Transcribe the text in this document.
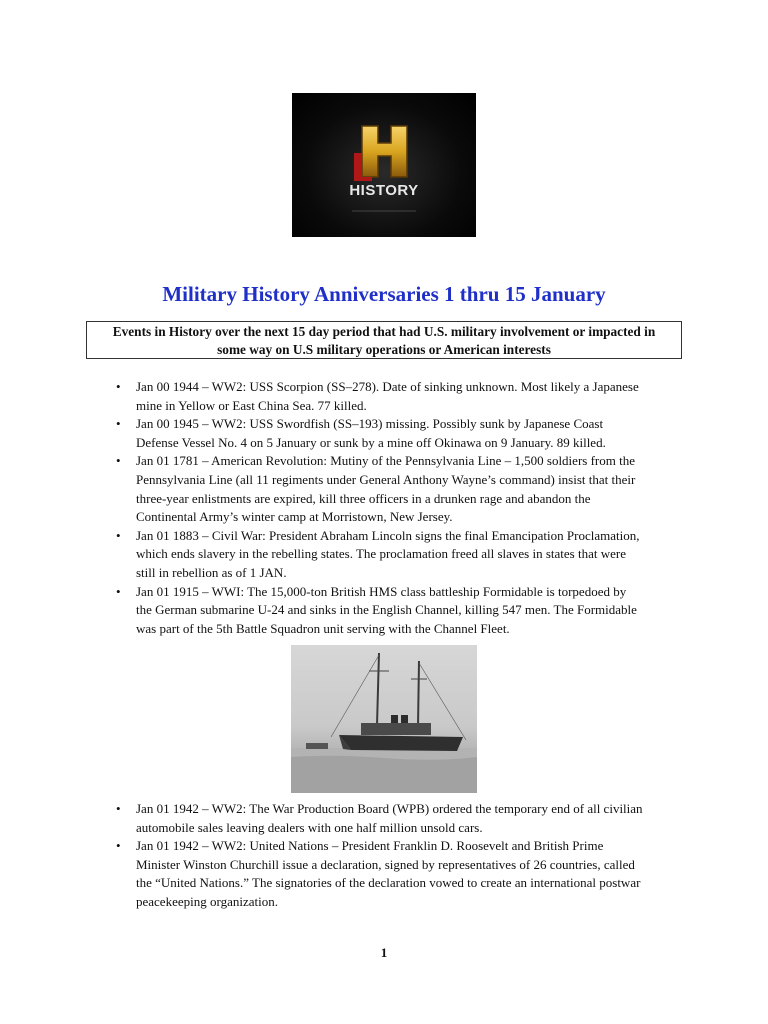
HISTORY
Military History Anniversaries 1 thru 15 January
Events in History over the next 15 day period that had U.S. military involvement or impacted in
some way on U.S military operations or American interests
• Jan 00 1944 – WW2: USS Scorpion (SS–278). Date of sinking unknown. Most likely a Japanese
mine in Yellow or East China Sea. 77 killed.
• Jan 00 1945 – WW2: USS Swordfish (SS–193) missing. Possibly sunk by Japanese Coast
Defense Vessel No. 4 on 5 January or sunk by a mine off Okinawa on 9 January. 89 killed.
• Jan 01 1781 – American Revolution: Mutiny of the Pennsylvania Line – 1,500 soldiers from the
Pennsylvania Line (all 11 regiments under General Anthony Wayne’s command) insist that their
three-year enlistments are expired, kill three officers in a drunken rage and abandon the
Continental Army’s winter camp at Morristown, New Jersey.
• Jan 01 1883 – Civil War: President Abraham Lincoln signs the final Emancipation Proclamation,
which ends slavery in the rebelling states. The proclamation freed all slaves in states that were
still in rebellion as of 1 JAN.
• Jan 01 1915 – WWI: The 15,000-ton British HMS class battleship Formidable is torpedoed by
the German submarine U-24 and sinks in the English Channel, killing 547 men. The Formidable
was part of the 5th Battle Squadron unit serving with the Channel Fleet.
• Jan 01 1942 – WW2: The War Production Board (WPB) ordered the temporary end of all civilian
automobile sales leaving dealers with one half million unsold cars.
• Jan 01 1942 – WW2: United Nations – President Franklin D. Roosevelt and British Prime
Minister Winston Churchill issue a declaration, signed by representatives of 26 countries, called
the “United Nations.” The signatories of the declaration vowed to create an international postwar
peacekeeping organization.
1
